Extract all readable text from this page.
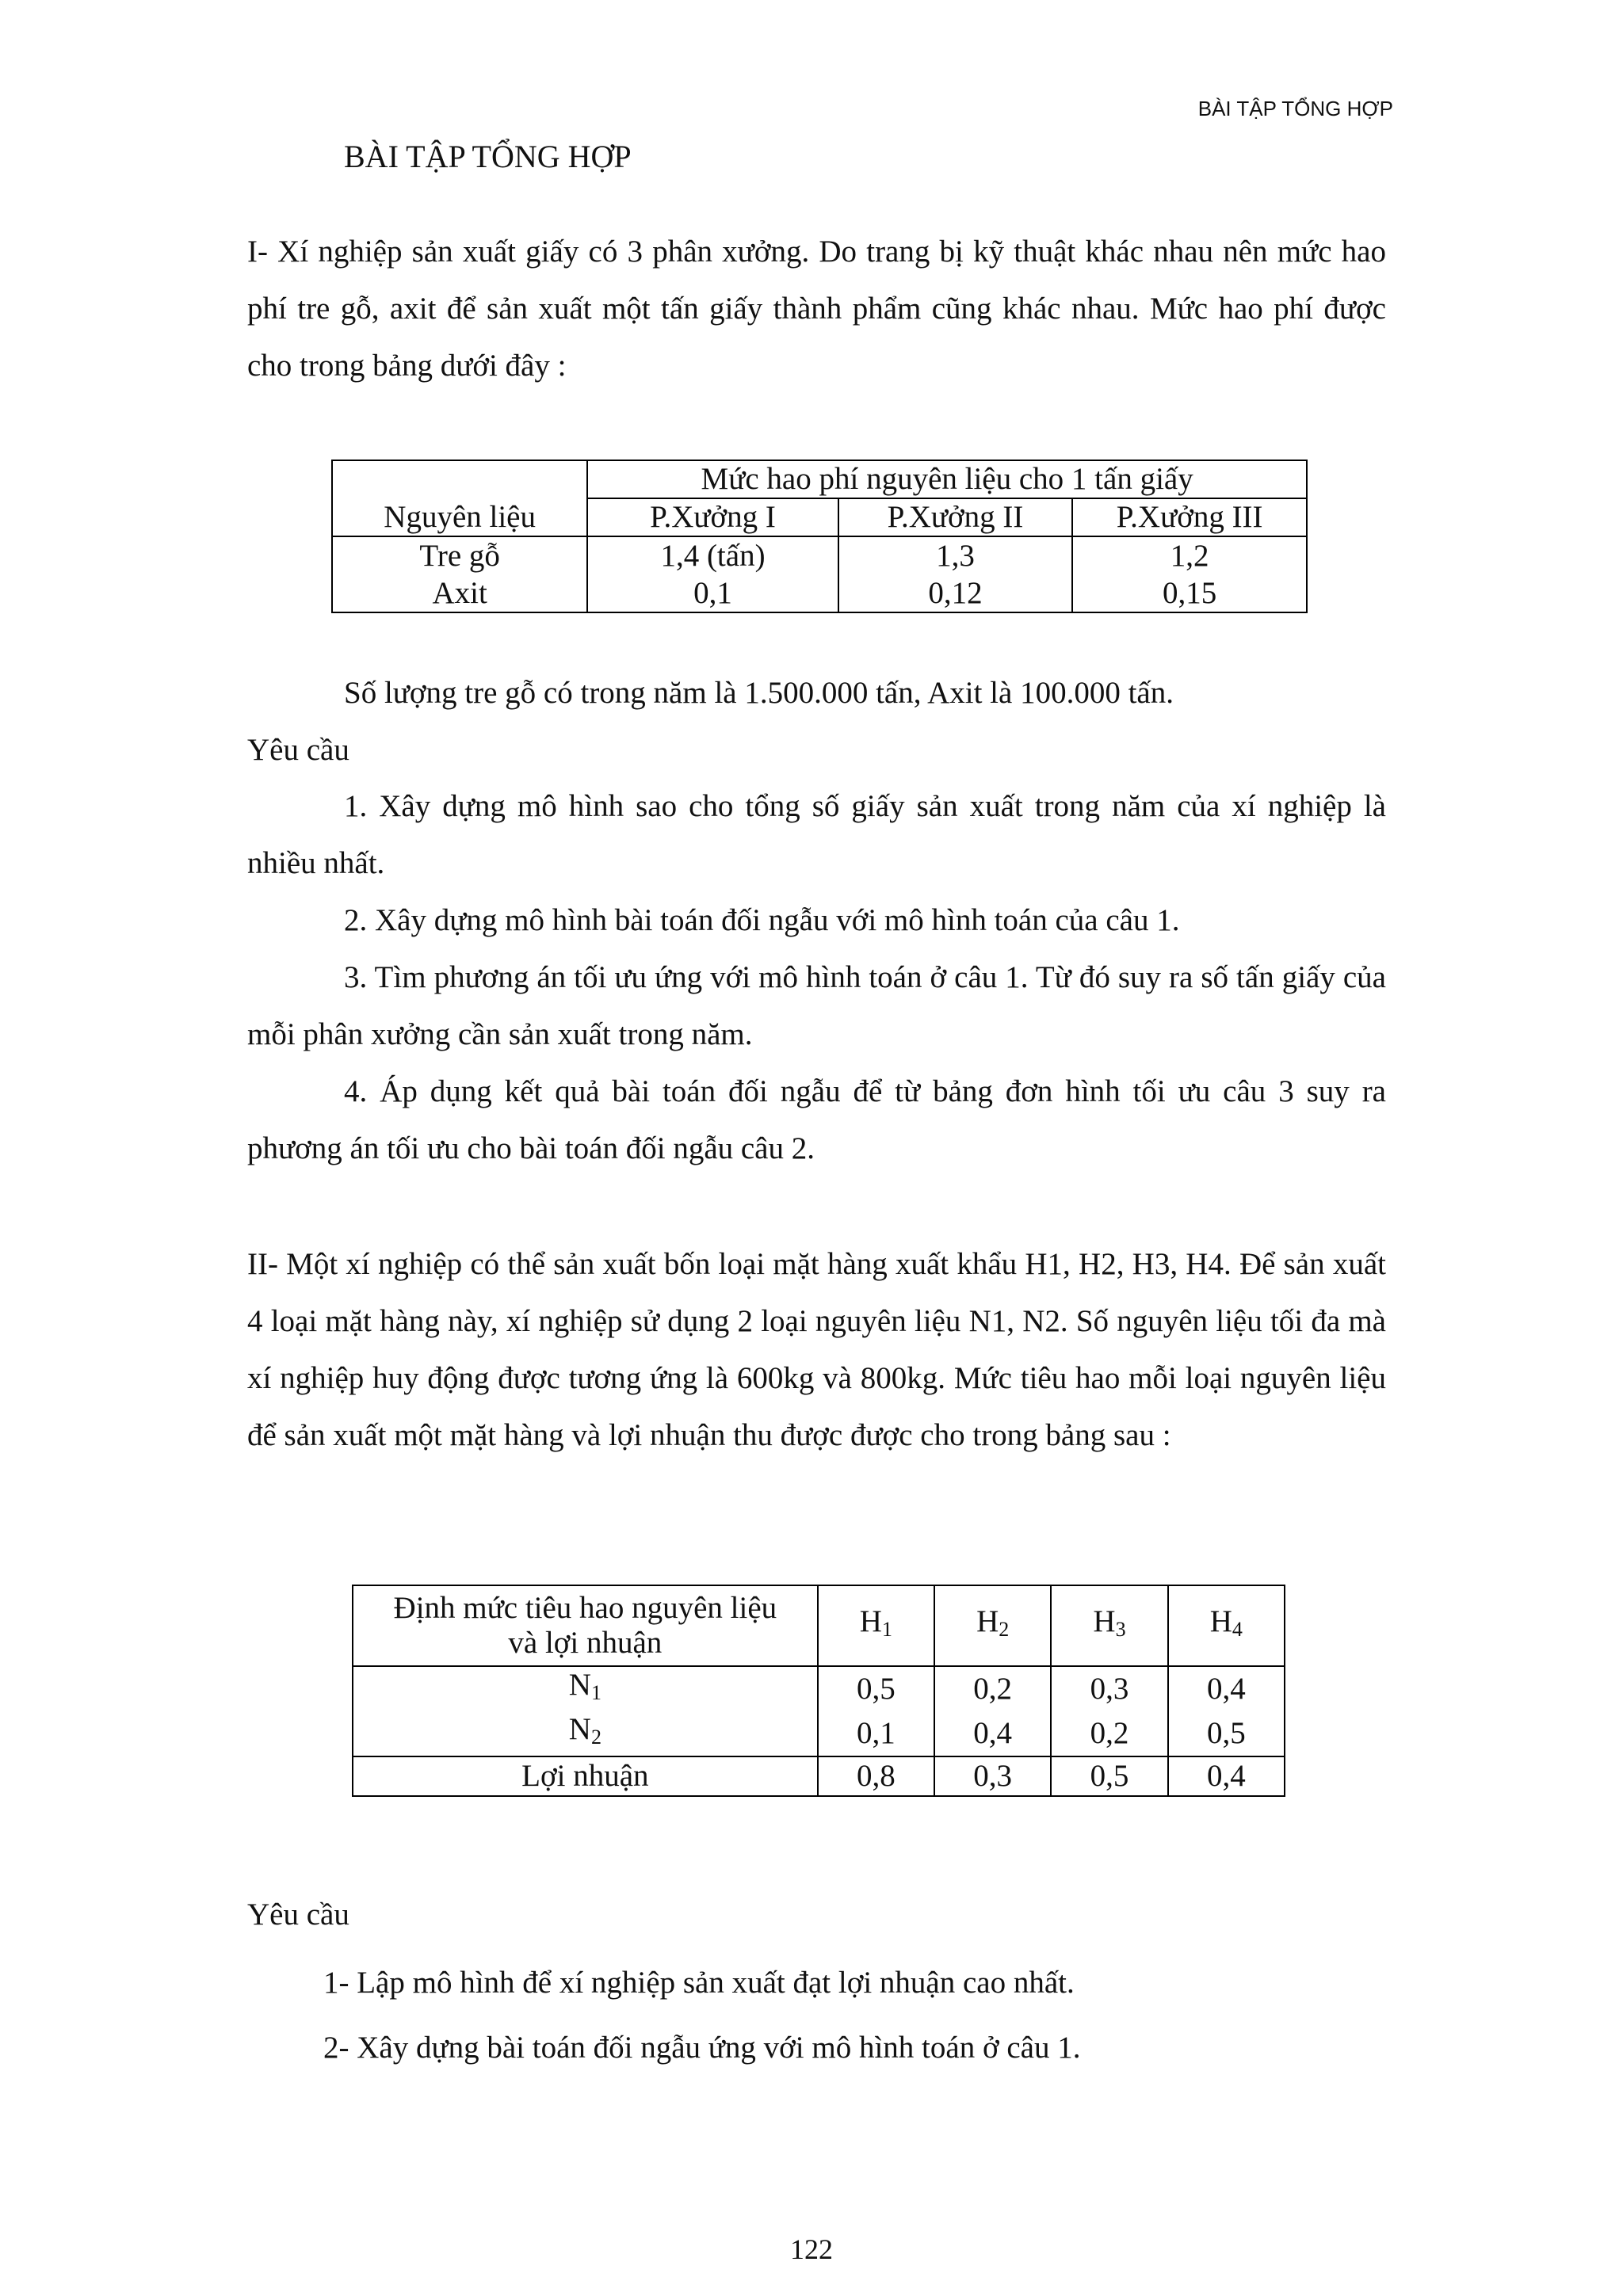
BÀI TẬP TỔNG HỢP
BÀI TẬP TỔNG HỢP

I- Xí nghiệp sản xuất giấy có 3 phân xưởng. Do trang bị kỹ thuật khác nhau nên mức hao phí tre gỗ, axit để sản xuất một tấn giấy thành phẩm cũng khác nhau. Mức hao phí được cho trong bảng dưới đây :

	Mức hao phí nguyên liệu cho 1 tấn giấy		
Nguyên liệu	P.Xưởng I	P.Xưởng II	P.Xưởng III
Tre gỗ	1,4 (tấn)	1,3	1,2
Axit	0,1	0,12	0,15
Số lượng tre gỗ có trong năm là 1.500.000 tấn, Axit là 100.000 tấn.
Yêu cầu

1. Xây dựng mô hình sao cho tổng số giấy sản xuất trong năm của xí nghiệp là nhiều nhất.

2. Xây dựng mô hình bài toán đối ngẫu với mô hình toán của câu 1.

3. Tìm phương án tối ưu ứng với mô hình toán ở câu 1. Từ đó suy ra số tấn giấy của mỗi phân xưởng cần sản xuất trong năm.

4. Áp dụng kết quả bài toán đối ngẫu để từ bảng đơn hình tối ưu câu 3 suy ra phương án tối ưu cho bài toán đối ngẫu câu 2.

II- Một xí nghiệp có thể sản xuất bốn loại mặt hàng xuất khẩu H1, H2, H3, H4. Để sản xuất 4 loại mặt hàng này, xí nghiệp sử dụng 2 loại nguyên liệu N1, N2. Số nguyên liệu tối đa mà xí nghiệp huy động được tương ứng là 600kg và 800kg. Mức tiêu hao mỗi loại nguyên liệu để sản xuất một mặt hàng và lợi nhuận thu được được cho trong bảng sau :

Định mức tiêu hao nguyên liệu
và lợi nhuận	$H_1$	$H_2$	$H_3$	$H_4$
$N_1$	0,5	0,2	0,3	0,4
$N_2$	0,1	0,4	0,2	0,5
Lợi nhuận	0,8	0,3	0,5	0,4
Yêu cầu
1- Lập mô hình để xí nghiệp sản xuất đạt lợi nhuận cao nhất.
2- Xây dựng bài toán đối ngẫu ứng với mô hình toán ở câu 1.
122
